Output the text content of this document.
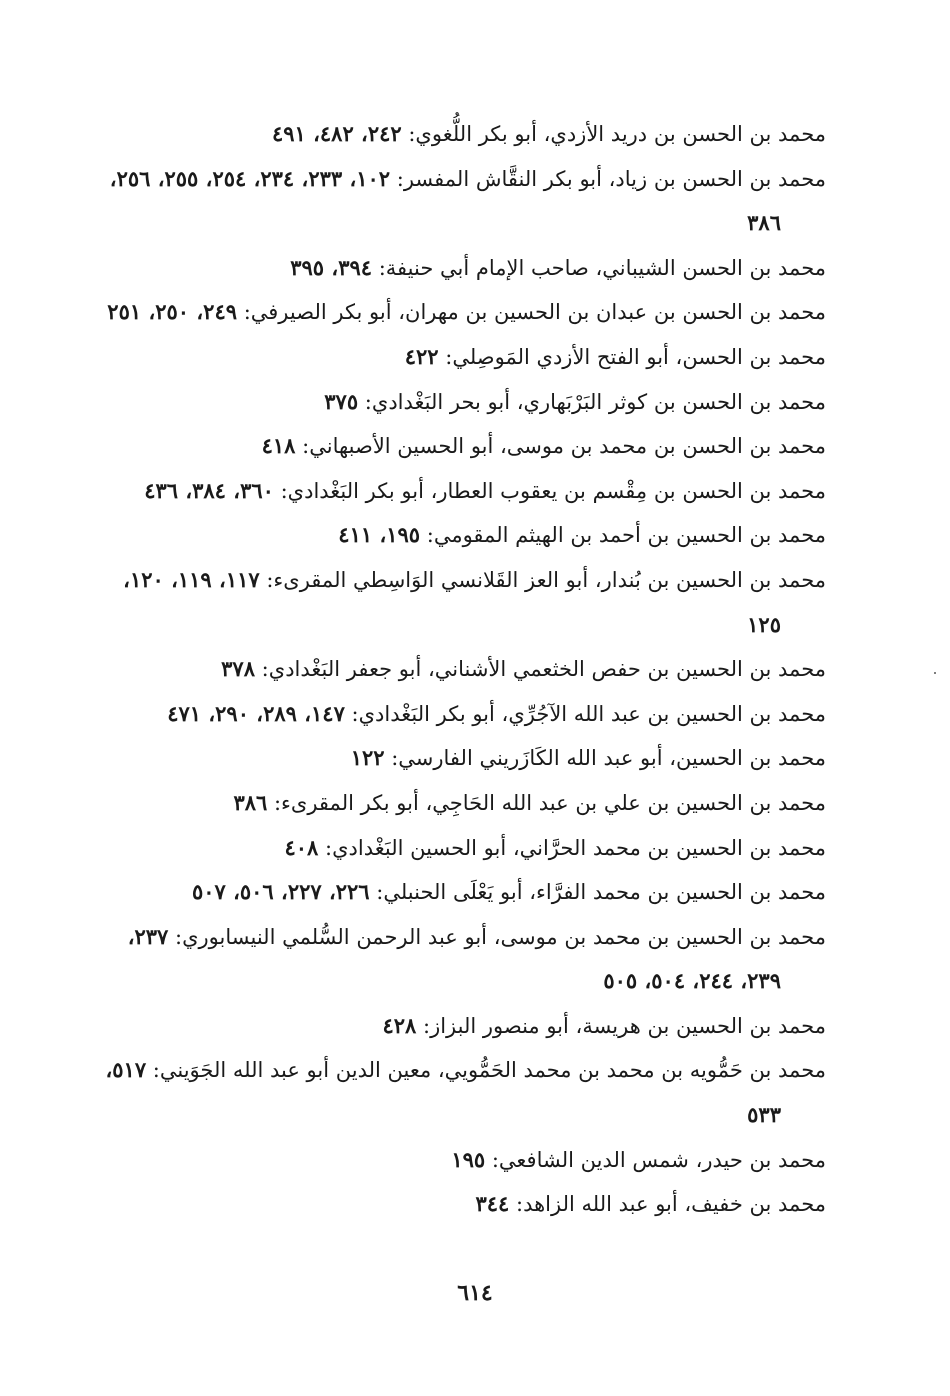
محمد بن الحسن بن دريد الأزدي، أبو بكر اللُّغوي: ٢٤٢، ٤٨٢، ٤٩١

محمد بن الحسن بن زياد، أبو بكر النقَّاش المفسر: ١٠٢، ٢٣٣، ٢٣٤، ٢٥٤، ٢٥٥، ٢٥٦، ٣٨٦

محمد بن الحسن الشيباني، صاحب الإمام أبي حنيفة: ٣٩٤، ٣٩٥

محمد بن الحسن بن عبدان بن الحسين بن مهران، أبو بكر الصيرفي: ٢٤٩، ٢٥٠، ٢٥١

محمد بن الحسن، أبو الفتح الأزدي المَوصِلي: ٤٢٢

محمد بن الحسن بن كوثر البَرْبَهاري، أبو بحر البَغْدادي: ٣٧٥

محمد بن الحسن بن محمد بن موسى، أبو الحسين الأصبهاني: ٤١٨

محمد بن الحسن بن مِقْسم بن يعقوب العطار، أبو بكر البَغْدادي: ٣٦٠، ٣٨٤، ٤٣٦

محمد بن الحسين بن أحمد بن الهيثم المقومي: ١٩٥، ٤١١

محمد بن الحسين بن بُندار، أبو العز القَلانسي الوَاسِطي المقرىء: ١١٧، ١١٩، ١٢٠، ١٢٥

محمد بن الحسين بن حفص الخثعمي الأشناني، أبو جعفر البَغْدادي: ٣٧٨

محمد بن الحسين بن عبد الله الآجُرِّي، أبو بكر البَغْدادي: ١٤٧، ٢٨٩، ٢٩٠، ٤٧١

محمد بن الحسين، أبو عبد الله الكَازَريني الفارسي: ١٢٢

محمد بن الحسين بن علي بن عبد الله الحَاجِي، أبو بكر المقرىء: ٣٨٦

محمد بن الحسين بن محمد الحرَّاني، أبو الحسين البَغْدادي: ٤٠٨

محمد بن الحسين بن محمد الفرَّاء، أبو يَعْلَى الحنبلي: ٢٢٦، ٢٢٧، ٥٠٦، ٥٠٧

محمد بن الحسين بن محمد بن موسى، أبو عبد الرحمن السُّلمي النيسابوري: ٢٣٧، ٢٣٩، ٢٤٤، ٥٠٤، ٥٠٥

محمد بن الحسين بن هريسة، أبو منصور البزاز: ٤٢٨

محمد بن حَمُّويه بن محمد بن محمد الحَمُّويي، معين الدين أبو عبد الله الجَوَيني: ٥١٧، ٥٣٣

محمد بن حيدر، شمس الدين الشافعي: ١٩٥

محمد بن خفيف، أبو عبد الله الزاهد: ٣٤٤

٦١٤
